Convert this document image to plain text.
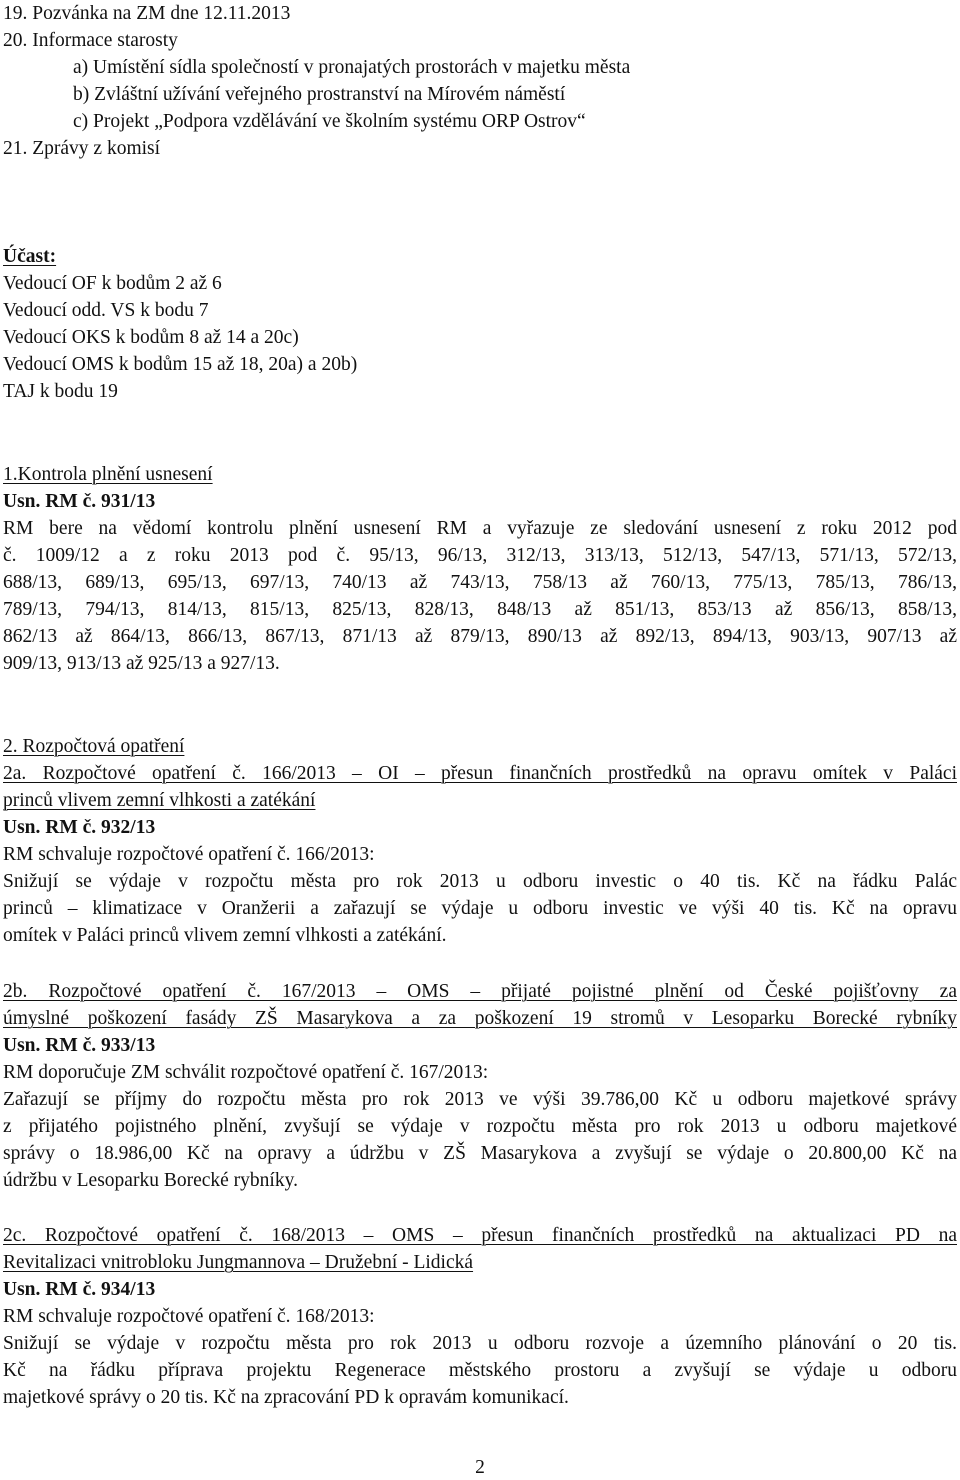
19. Pozvánka na ZM dne 12.11.2013
20. Informace starosty
a) Umístění sídla společností v pronajatých prostorách v majetku města
b) Zvláštní užívání veřejného prostranství na Mírovém náměstí
c) Projekt „Podpora vzdělávání ve školním systému ORP Ostrov“
21. Zprávy z komisí
Účast:
Vedoucí OF k bodům 2 až 6
Vedoucí odd. VS k bodu 7
Vedoucí OKS k bodům 8 až 14 a 20c)
Vedoucí OMS k bodům 15 až 18, 20a) a 20b)
TAJ k bodu 19
1.Kontrola plnění usnesení
Usn. RM č. 931/13
RM bere na vědomí kontrolu plnění usnesení RM a vyřazuje ze sledování usnesení z roku 2012 pod
č. 1009/12 a z roku 2013 pod č. 95/13, 96/13, 312/13, 313/13, 512/13, 547/13, 571/13, 572/13,
688/13, 689/13, 695/13, 697/13, 740/13 až 743/13, 758/13 až 760/13, 775/13, 785/13, 786/13,
789/13, 794/13, 814/13, 815/13, 825/13, 828/13, 848/13 až 851/13, 853/13 až 856/13, 858/13,
862/13 až 864/13, 866/13, 867/13, 871/13 až 879/13, 890/13 až 892/13, 894/13, 903/13, 907/13 až
909/13, 913/13 až 925/13 a 927/13.
2. Rozpočtová opatření
2a. Rozpočtové opatření č. 166/2013 – OI – přesun finančních prostředků na opravu omítek v Paláci
princů vlivem zemní vlhkosti a zatékání
Usn. RM č. 932/13
RM schvaluje rozpočtové opatření č. 166/2013:
Snižují se výdaje v rozpočtu města pro rok 2013 u odboru investic o 40 tis. Kč na řádku Palác
princů – klimatizace v Oranžerii a zařazují se výdaje u odboru investic ve výši 40 tis. Kč na opravu
omítek v Paláci princů vlivem zemní vlhkosti a zatékání.
2b. Rozpočtové opatření č. 167/2013 – OMS – přijaté pojistné plnění od České pojišťovny za
úmyslné poškození fasády ZŠ Masarykova a za poškození 19 stromů v Lesoparku Borecké rybníky
Usn. RM č. 933/13
RM doporučuje ZM schválit rozpočtové opatření č. 167/2013:
Zařazují se příjmy do rozpočtu města pro rok 2013 ve výši 39.786,00 Kč u odboru majetkové správy
z přijatého pojistného plnění, zvyšují se výdaje v rozpočtu města pro rok 2013 u odboru majetkové
správy o 18.986,00 Kč na opravy a údržbu v ZŠ Masarykova a zvyšují se výdaje o 20.800,00 Kč na
údržbu v Lesoparku Borecké rybníky.
2c. Rozpočtové opatření č. 168/2013 – OMS – přesun finančních prostředků na aktualizaci PD na
Revitalizaci vnitrobloku Jungmannova – Družební - Lidická
Usn. RM č. 934/13
RM schvaluje rozpočtové opatření č. 168/2013:
Snižují se výdaje v rozpočtu města pro rok 2013 u odboru rozvoje a územního plánování o 20 tis.
Kč na řádku příprava projektu Regenerace městského prostoru a zvyšují se výdaje u odboru
majetkové správy o 20 tis. Kč na zpracování PD k opravám komunikací.
2
